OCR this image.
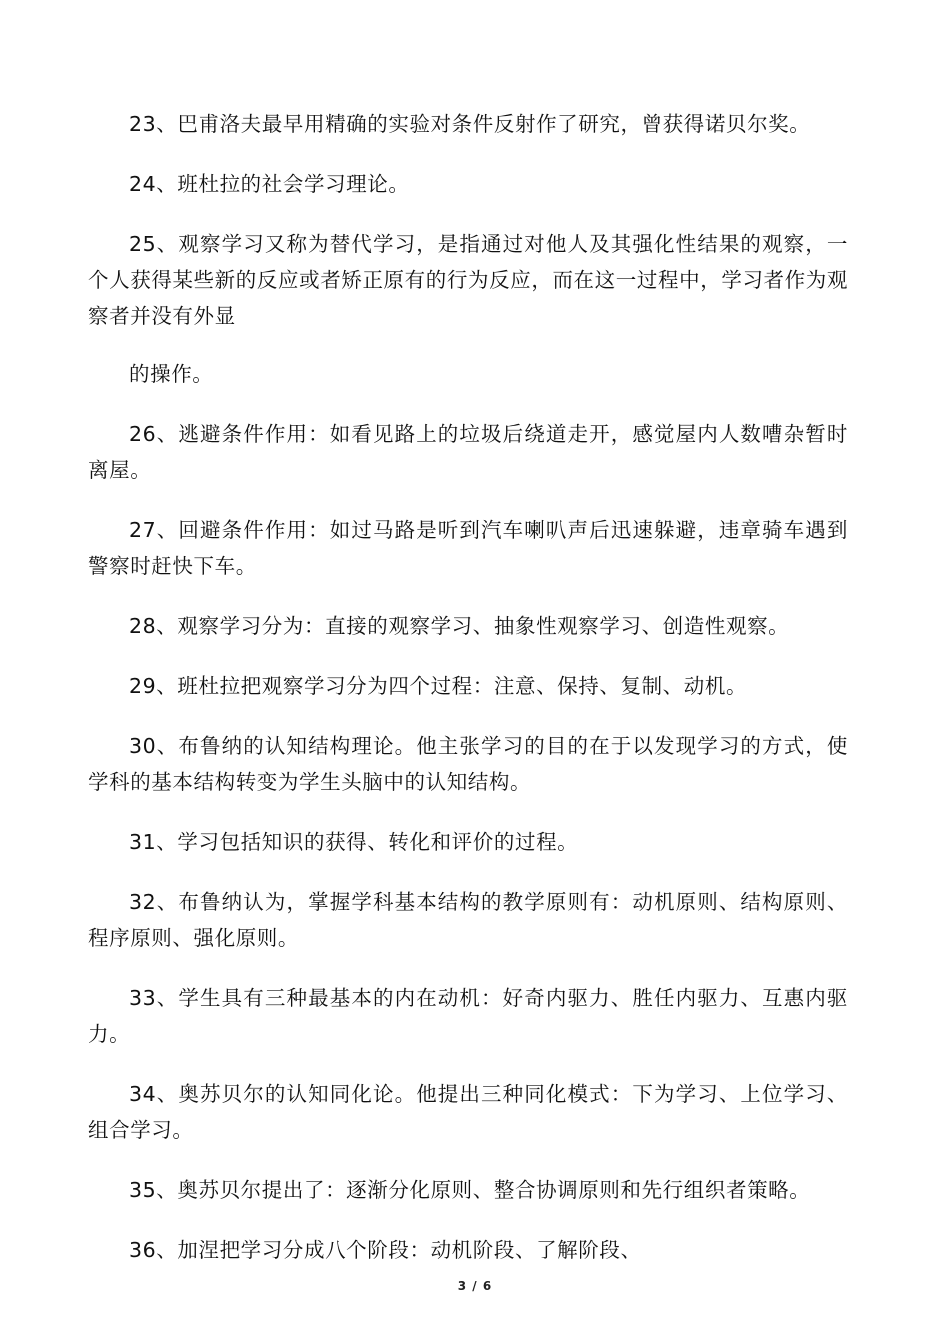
23、巴甫洛夫最早用精确的实验对条件反射作了研究，曾获得诺贝尔奖。

24、班杜拉的社会学习理论。

25、观察学习又称为替代学习，是指通过对他人及其强化性结果的观察，一个人获得某些新的反应或者矫正原有的行为反应，而在这一过程中，学习者作为观察者并没有外显

的操作。

26、逃避条件作用：如看见路上的垃圾后绕道走开，感觉屋内人数嘈杂暂时离屋。

27、回避条件作用：如过马路是听到汽车喇叭声后迅速躲避，违章骑车遇到警察时赶快下车。

28、观察学习分为：直接的观察学习、抽象性观察学习、创造性观察。

29、班杜拉把观察学习分为四个过程：注意、保持、复制、动机。

30、布鲁纳的认知结构理论。他主张学习的目的在于以发现学习的方式，使学科的基本结构转变为学生头脑中的认知结构。

31、学习包括知识的获得、转化和评价的过程。

32、布鲁纳认为，掌握学科基本结构的教学原则有：动机原则、结构原则、程序原则、强化原则。

33、学生具有三种最基本的内在动机：好奇内驱力、胜任内驱力、互惠内驱力。

34、奥苏贝尔的认知同化论。他提出三种同化模式：下为学习、上位学习、组合学习。

35、奥苏贝尔提出了：逐渐分化原则、整合协调原则和先行组织者策略。

36、加涅把学习分成八个阶段：动机阶段、了解阶段、

3 / 6
